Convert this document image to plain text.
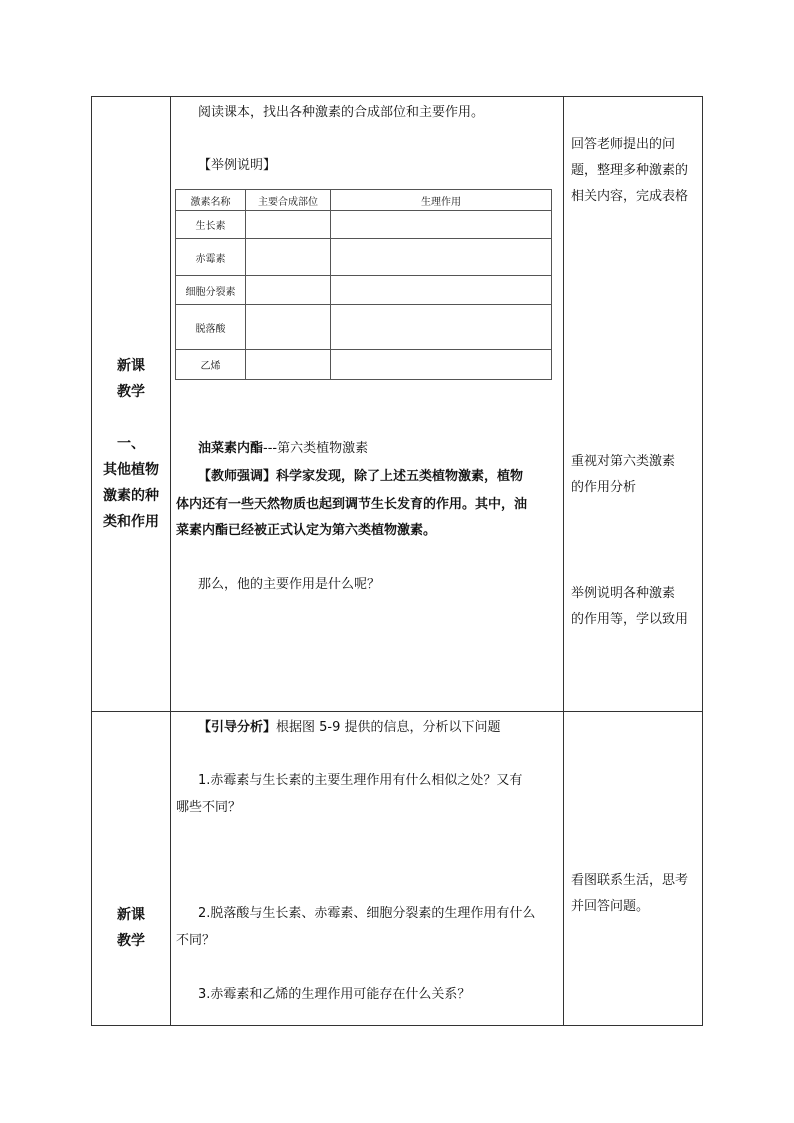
新课
教学

一、
其他植物
激素的种
类和作用
阅读课本，找出各种激素的合成部位和主要作用。
【举例说明】
激素名称	主要合成部位	生理作用
生长素		
赤霉素		
细胞分裂素		
脱落酸		
乙烯		
油菜素内酯---第六类植物激素
【教师强调】科学家发现，除了上述五类植物激素，植物
体内还有一些天然物质也起到调节生长发育的作用。其中，油
菜素内酯已经被正式认定为第六类植物激素。
那么，他的主要作用是什么呢？
回答老师提出的问
题，整理多种激素的
相关内容，完成表格
重视对第六类激素
的作用分析
举例说明各种激素
的作用等，学以致用
新课
教学
【引导分析】根据图 5-9 提供的信息，分析以下问题
1.赤霉素与生长素的主要生理作用有什么相似之处？又有
哪些不同？
2.脱落酸与生长素、赤霉素、细胞分裂素的生理作用有什么
不同？
3.赤霉素和乙烯的生理作用可能存在什么关系？
看图联系生活，思考
并回答问题。
